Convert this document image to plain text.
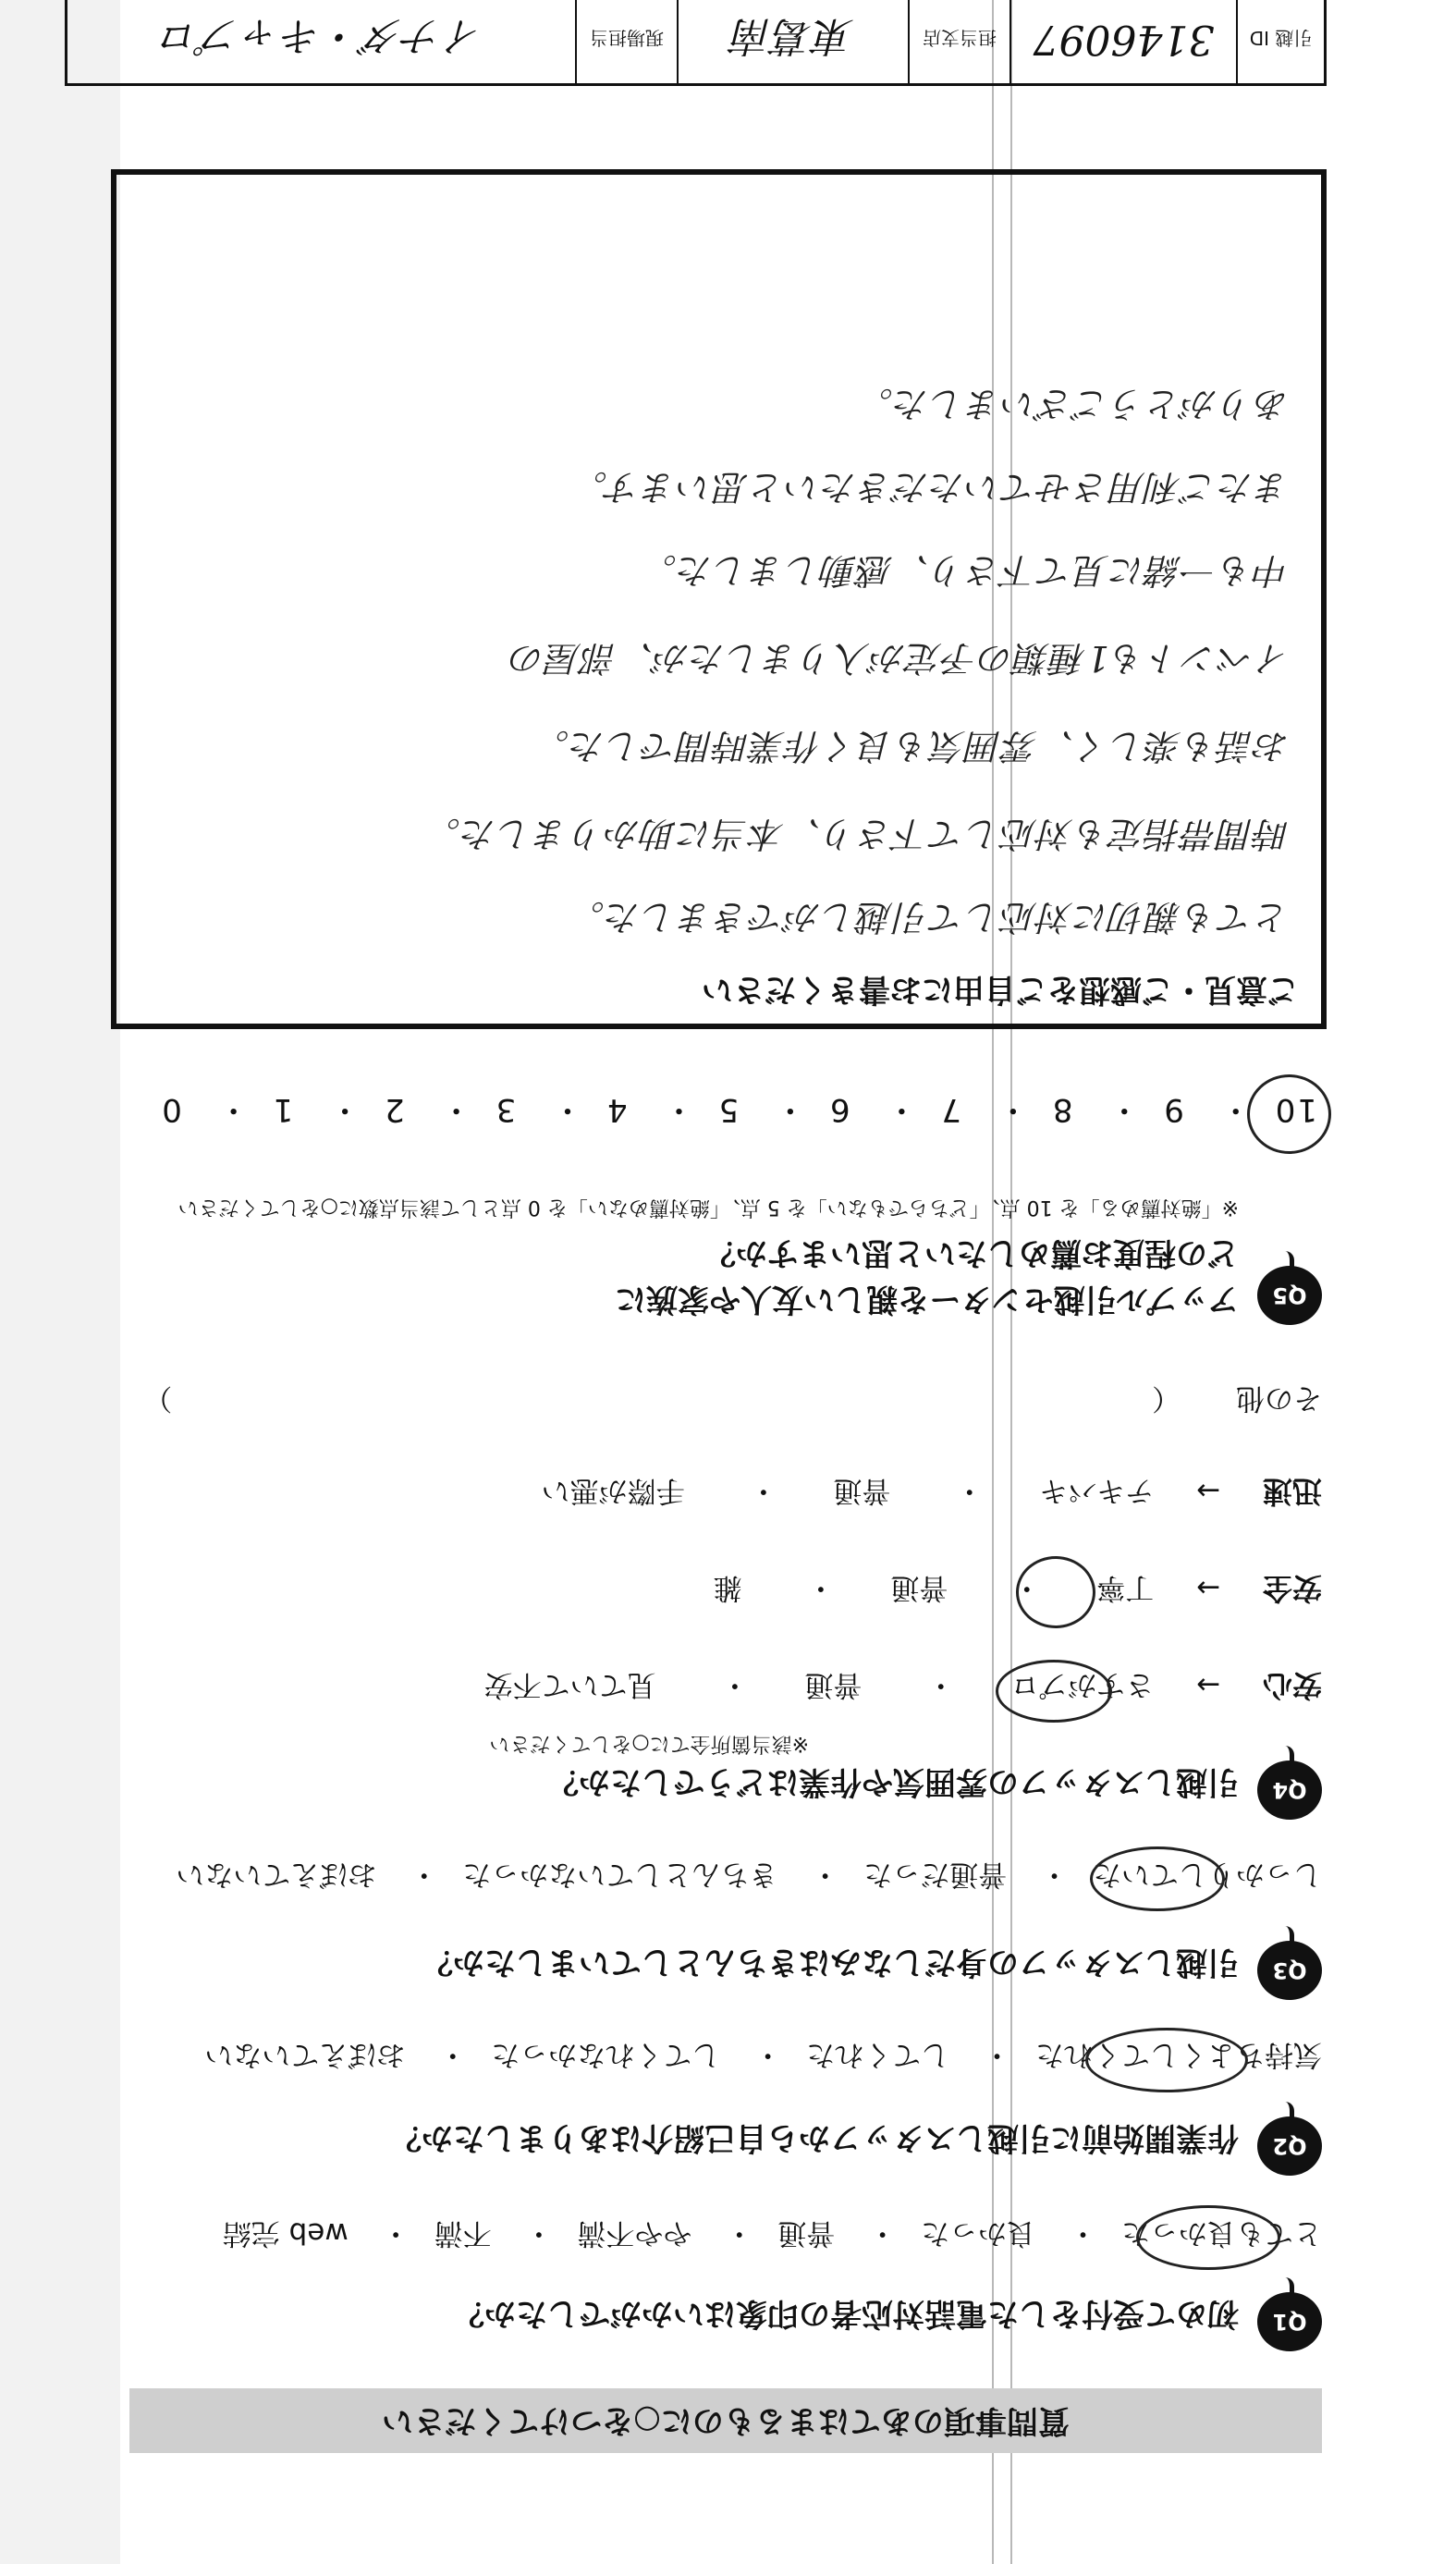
質問事項のあてはまるものに○をつけてください
Q1
初めて受付をした電話対応者の印象はいかがでしたか？
とても良かった・ 良かった・ 普通・ やや不満・ 不満・ web 完結
Q2
作業開始前に引越しスタッフから自己紹介はありましたか？
気持ちよくしてくれた・ してくれた・ してくれなかった・ おぼえていない
Q3
引越しスタッフの身だしなみはきちんとしていましたか？
しっかりしていた・ 普通だった・ きちんとしていなかった・ おぼえていない
Q4
引越しスタッフの雰囲気や作業はどうでしたか？
※該当箇所全てに○をしてください
安心 → さすがプロ・ 普通・ 見ていて不安
安全 → 丁寧・ 普通・ 雑
迅速 → テキパキ・ 普通・ 手際が悪い
その他 （ ）
Q5
アップル引越センターを親しい友人や家族に
どの程度お薦めしたいと思いますか？
※「絶対薦める」を 10 点、「どちらでもない」を 5 点、「絶対薦めない」を 0 点として該当点数に○をしてください
10・ 9・ 8・ 7・ 6・ 5・ 4・ 3・ 2・ 1・ 0
ご意見・ご感想をご自由にお書きください
とても親切に対応して引越しができました。
時間帯指定も対応して下さり、本当に助かりました。
お話も楽しく、雰囲気も良く作業時間でした。
イベントも1種類の予定が入りましたが、部屋の
中も一緒に見て下さり、感動しました。
またご利用させていただきたいと思います。
ありがとうございました。
引越 ID
3146097
担当支店
東葛南
現場担当
イナダ・キャプロ
